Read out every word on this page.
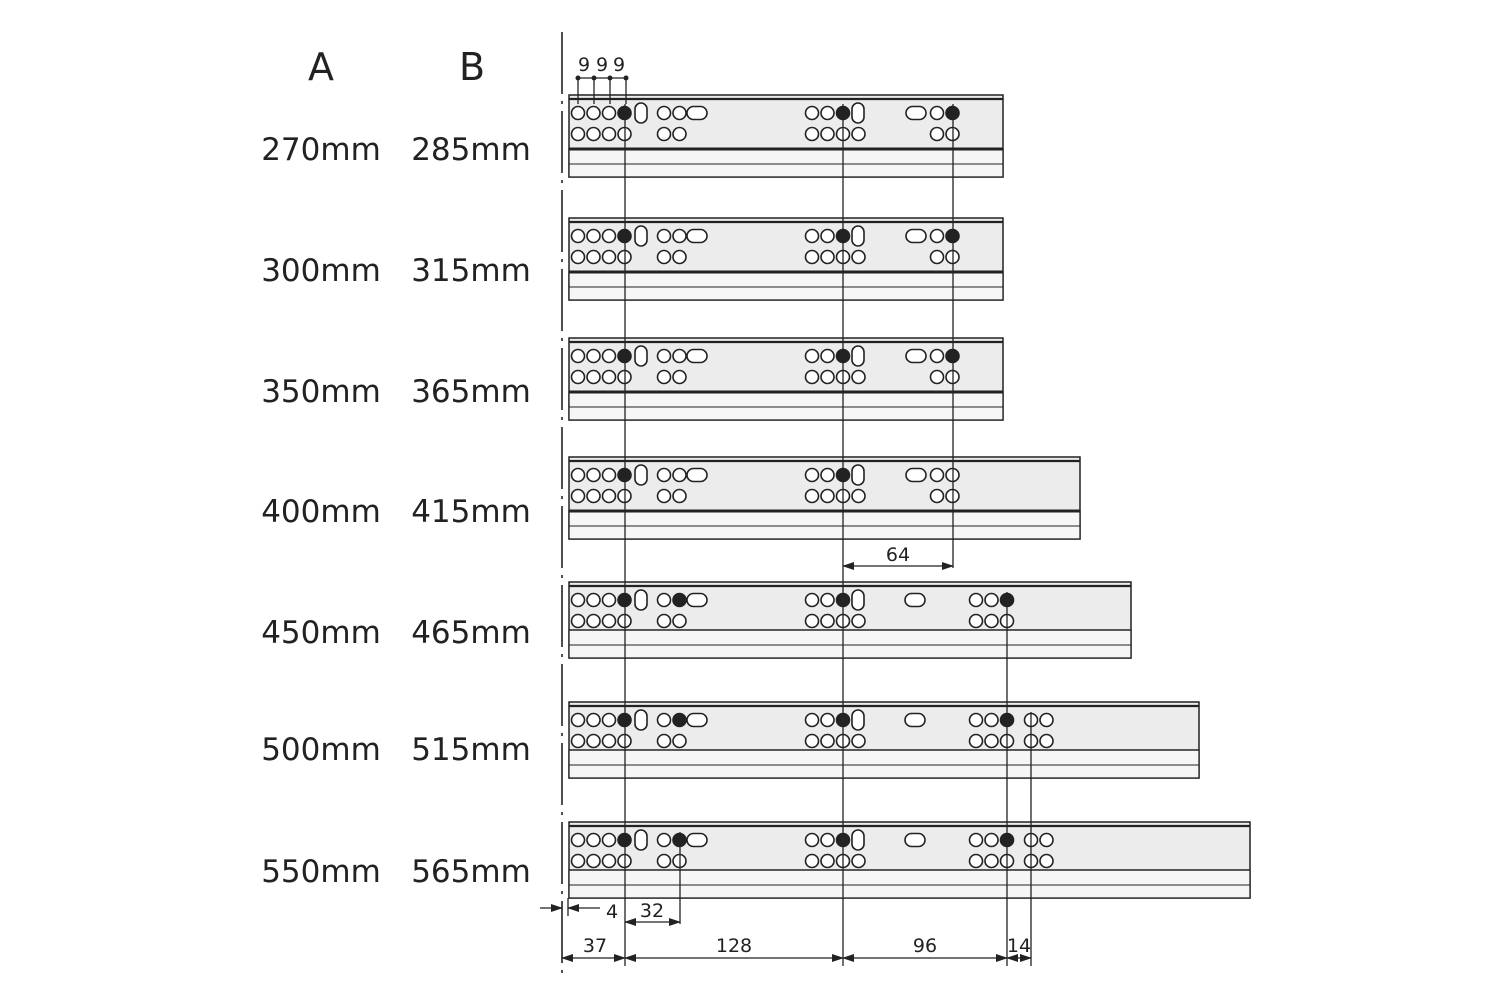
A	B
270mm 285mm
300mm 315mm
350mm 365mm
400mm 415mm
450mm 465mm
500mm 515mm
550mm 565mm
9 9 9
64
4 32
37	128	96	14
